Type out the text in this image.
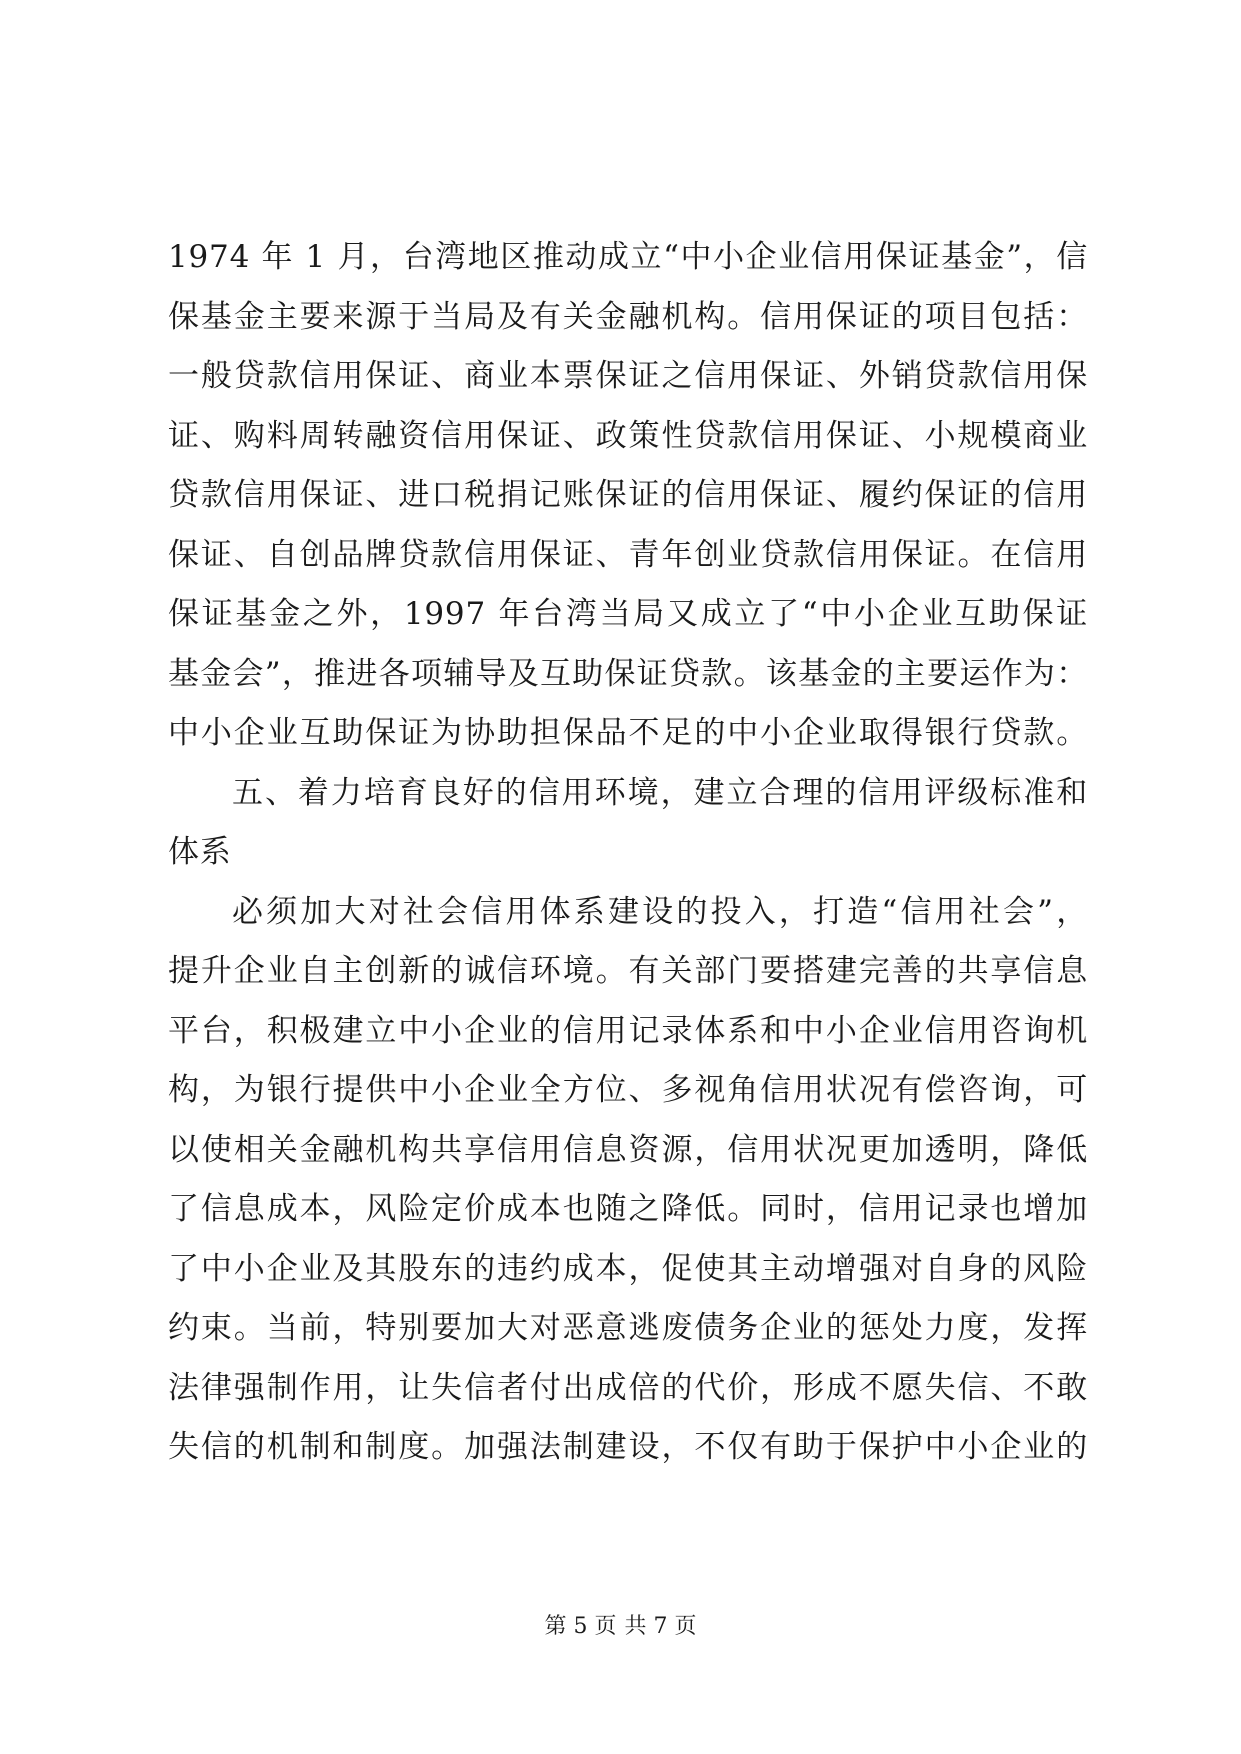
1974 年 1 月，台湾地区推动成立“中小企业信用保证基金”，信
保基金主要来源于当局及有关金融机构。信用保证的项目包括：
一般贷款信用保证、商业本票保证之信用保证、外销贷款信用保
证、购料周转融资信用保证、政策性贷款信用保证、小规模商业
贷款信用保证、进口税捐记账保证的信用保证、履约保证的信用
保证、自创品牌贷款信用保证、青年创业贷款信用保证。在信用
保证基金之外，1997 年台湾当局又成立了“中小企业互助保证
基金会”，推进各项辅导及互助保证贷款。该基金的主要运作为：
中小企业互助保证为协助担保品不足的中小企业取得银行贷款。
五、着力培育良好的信用环境，建立合理的信用评级标准和
体系
必须加大对社会信用体系建设的投入，打造“信用社会”，
提升企业自主创新的诚信环境。有关部门要搭建完善的共享信息
平台，积极建立中小企业的信用记录体系和中小企业信用咨询机
构，为银行提供中小企业全方位、多视角信用状况有偿咨询，可
以使相关金融机构共享信用信息资源，信用状况更加透明，降低
了信息成本，风险定价成本也随之降低。同时，信用记录也增加
了中小企业及其股东的违约成本，促使其主动增强对自身的风险
约束。当前，特别要加大对恶意逃废债务企业的惩处力度，发挥
法律强制作用，让失信者付出成倍的代价，形成不愿失信、不敢
失信的机制和制度。加强法制建设，不仅有助于保护中小企业的
第 5 页 共 7 页
